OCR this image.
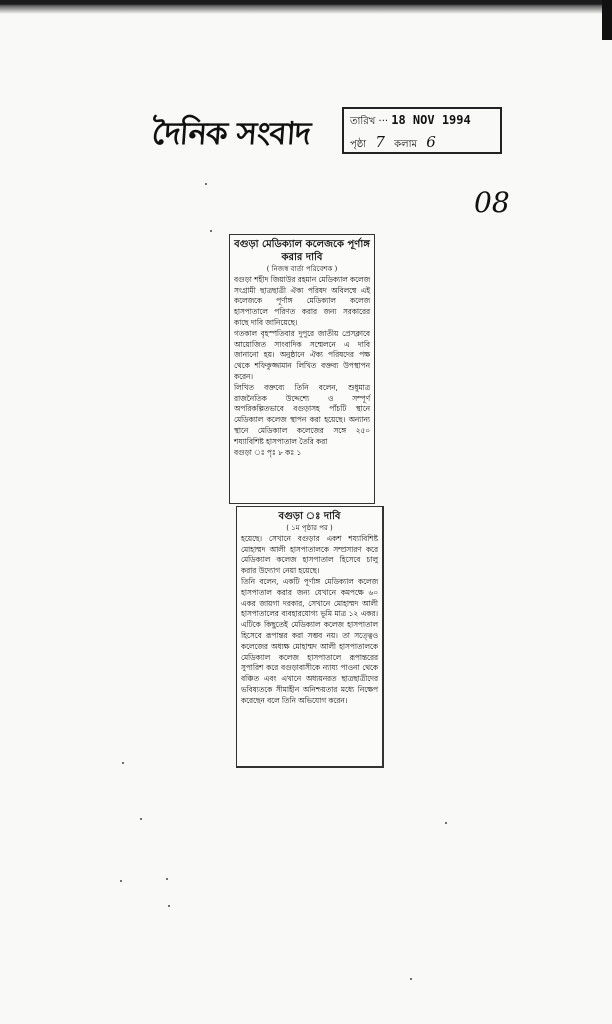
দৈনিক সংবাদ	তারিখ ··· 18 NOV 1994
পৃষ্ঠা 7 কলাম 6
08
বগুড়া মেডিক্যাল কলেজকে পূর্ণাঙ্গ করার দাবি
( নিজস্ব বার্তা পরিবেশক )

বগুড়া শহীদ জিয়াউর রহমান মেডিক্যাল কলেজ সংগ্রামী ছাত্রছাত্রী ঐক্য পরিষদ অবিলম্বে এই কলেজকে পূর্ণাঙ্গ মেডিক্যাল কলেজ হাসপাতালে পরিণত করার জন্য সরকারের কাছে দাবি জানিয়েছে।

গতকাল বৃহস্পতিবার দুপুরে জাতীয় প্রেসক্লাবে আয়োজিত সাংবাদিক সম্মেলনে এ দাবি জানানো হয়। অনুষ্ঠানে ঐক্য পরিষদের পক্ষ থেকে শফিকুজ্জামান লিখিত বক্তব্য উপস্থাপন করেন।

লিখিত বক্তব্যে তিনি বলেন, শুধুমাত্র রাজনৈতিক উদ্দেশ্যে ও সম্পূর্ণ অপরিকল্পিতভাবে বগুড়াসহ পাঁচটি স্থানে মেডিক্যাল কলেজ স্থাপন করা হয়েছে। অন্যান্য স্থানে মেডিক্যাল কলেজের সঙ্গে ২৫০ শয্যাবিশিষ্ট হাসপাতাল তৈরি করা

বগুড়া ঃ পৃঃ ৮ কঃ ১

বগুড়া ঃ দাবি
( ১ম পৃষ্ঠার পর )

হয়েছে। সেখানে বগুড়ার একশ শয্যাবিশিষ্ট মোহাম্মদ আলী হাসপাতালকে সম্প্রসারণ করে মেডিক্যাল কলেজ হাসপাতাল হিসেবে চালু করার উদ্যোগ নেয়া হয়েছে।

তিনি বলেন, একটি পূর্ণাঙ্গ মেডিক্যাল কলেজ হাসপাতাল করার জন্য যেখানে কমপক্ষে ৬০ একর জায়গা দরকার, সেখানে মোহাম্মদ আলী হাসপাতালের ব্যবহারযোগ্য ভূমি মাত্র ১২ একর। এটিকে কিছুতেই মেডিক্যাল কলেজ হাসপাতাল হিসেবে রূপান্তর করা সম্ভব নয়। তা সত্ত্বেও কলেজের অধ্যক্ষ মোহাম্মদ আলী হাসপাতালকে মেডিক্যাল কলেজ হাসপাতালে রূপান্তরের সুপারিশ করে বগুড়াবাসীকে ন্যায্য পাওনা থেকে বঞ্চিত এবং এখানে অধ্যয়নরত ছাত্রছাত্রীদের ভবিষ্যতকে সীমাহীন অনিশ্চয়তার মধ্যে নিক্ষেপ করেছেন বলে তিনি অভিযোগ করেন।
